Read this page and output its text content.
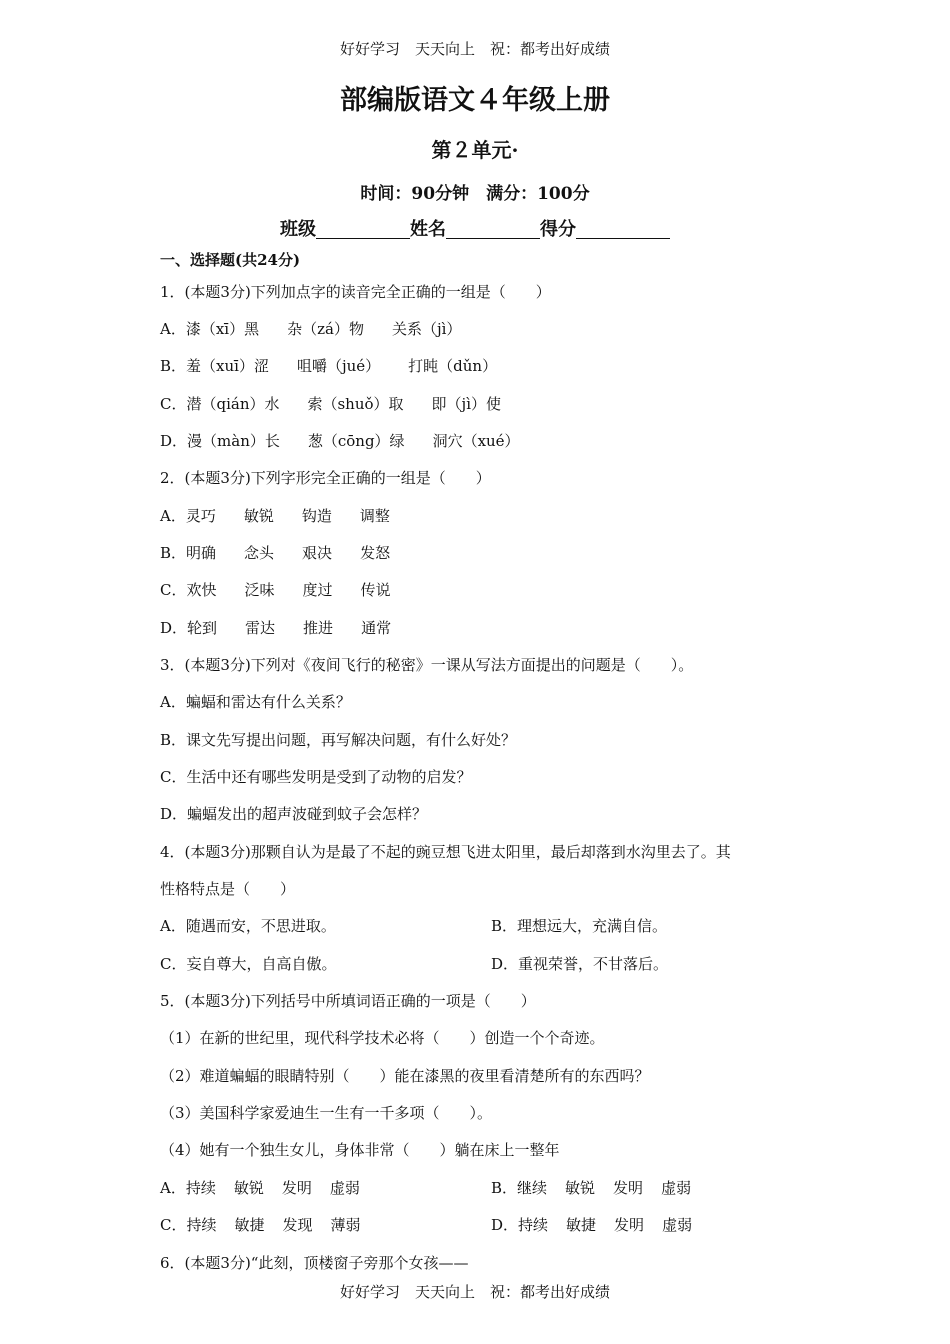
好好学习　天天向上　祝：都考出好成绩
部编版语文４年级上册
第２单元·
时间：90分钟　满分：100分
班级	姓名	得分
一、选择题(共24分)
1．(本题3分)下列加点字的读音完全正确的一组是（　　）
A．漆（xī）黑 杂（zá）物 关系（jì）
B．羞（xuī）涩 咀嚼（jué） 打盹（dǔn）
C．潜（qián）水 索（shuǒ）取 即（jì）使
D．漫（màn）长 葱（cōng）绿 洞穴（xué）
2．(本题3分)下列字形完全正确的一组是（　　）
A．灵巧 敏锐 钩造 调整
B．明确 念头 艰决 发怒
C．欢快 泛味 度过 传说
D．轮到 雷达 推进 通常
3．(本题3分)下列对《夜间飞行的秘密》一课从写法方面提出的问题是（　　）。
A．蝙蝠和雷达有什么关系？
B．课文先写提出问题，再写解决问题，有什么好处？
C．生活中还有哪些发明是受到了动物的启发？
D．蝙蝠发出的超声波碰到蚊子会怎样？
4．(本题3分)那颗自认为是最了不起的豌豆想飞进太阳里，最后却落到水沟里去了。其
性格特点是（　　）
A．随遇而安，不思进取。	B．理想远大，充满自信。
C．妄自尊大，自高自傲。	D．重视荣誉，不甘落后。
5．(本题3分)下列括号中所填词语正确的一项是（　　）
（1）在新的世纪里，现代科学技术必将（　　）创造一个个奇迹。
（2）难道蝙蝠的眼睛特别（　　）能在漆黑的夜里看清楚所有的东西吗？
（3）美国科学家爱迪生一生有一千多项（　　）。
（4）她有一个独生女儿，身体非常（　　）躺在床上一整年
A．持续 敏锐 发明 虚弱	B．继续 敏锐 发明 虚弱
C．持续 敏捷 发现 薄弱	D．持续 敏捷 发明 虚弱
6．(本题3分)“此刻，顶楼窗子旁那个女孩——
好好学习　天天向上　祝：都考出好成绩
